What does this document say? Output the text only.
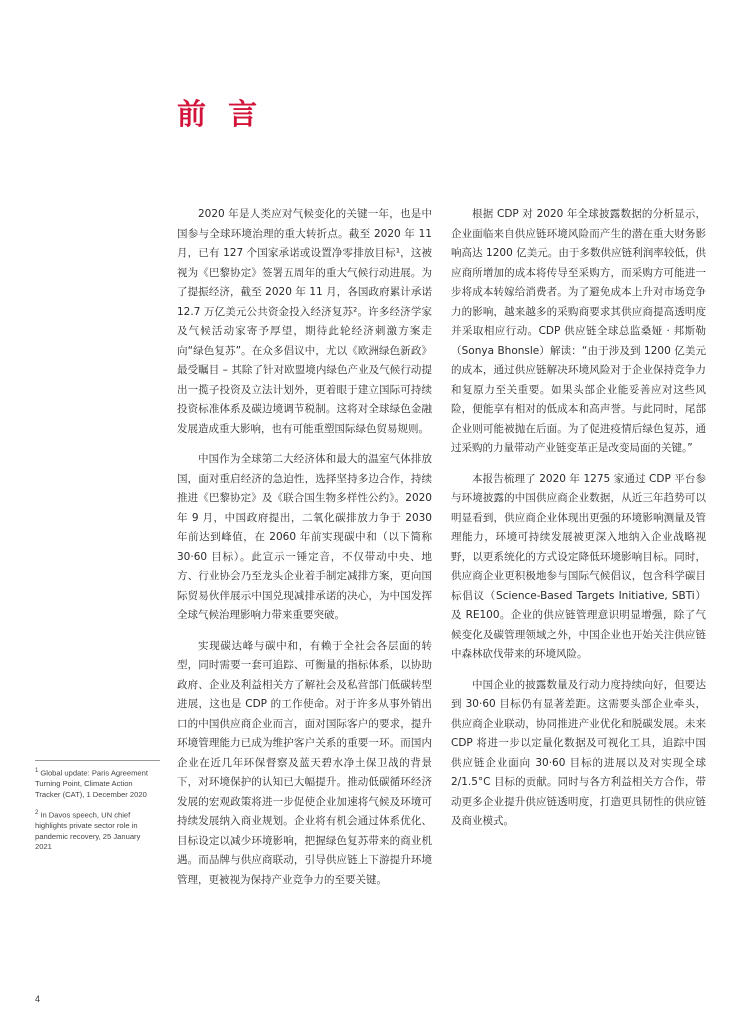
前 言

2020 年是人类应对气候变化的关键一年，也是中国参与全球环境治理的重大转折点。截至 2020 年 11 月，已有 127 个国家承诺或设置净零排放目标¹，这被视为《巴黎协定》签署五周年的重大气候行动进展。为了提振经济，截至 2020 年 11 月，各国政府累计承诺 12.7 万亿美元公共资金投入经济复苏²。许多经济学家及气候活动家寄予厚望，期待此轮经济刺激方案走向“绿色复苏”。在众多倡议中，尤以《欧洲绿色新政》最受瞩目 – 其除了针对欧盟境内绿色产业及气候行动提出一揽子投资及立法计划外，更着眼于建立国际可持续投资标准体系及碳边境调节税制。这将对全球绿色金融发展造成重大影响，也有可能重塑国际绿色贸易规则。

中国作为全球第二大经济体和最大的温室气体排放国，面对重启经济的急迫性，选择坚持多边合作，持续推进《巴黎协定》及《联合国生物多样性公约》。2020 年 9 月，中国政府提出，二氧化碳排放力争于 2030 年前达到峰值，在 2060 年前实现碳中和（以下简称 30·60 目标）。此宣示一锤定音，不仅带动中央、地方、行业协会乃至龙头企业着手制定减排方案，更向国际贸易伙伴展示中国兑现减排承诺的决心，为中国发挥全球气候治理影响力带来重要突破。

实现碳达峰与碳中和，有赖于全社会各层面的转型，同时需要一套可追踪、可衡量的指标体系，以协助政府、企业及利益相关方了解社会及私营部门低碳转型进展，这也是 CDP 的工作使命。对于许多从事外销出口的中国供应商企业而言，面对国际客户的要求，提升环境管理能力已成为维护客户关系的重要一环。而国内企业在近几年环保督察及蓝天碧水净土保卫战的背景下，对环境保护的认知已大幅提升。推动低碳循环经济发展的宏观政策将进一步促使企业加速将气候及环境可持续发展纳入商业规划。企业将有机会通过体系优化、目标设定以减少环境影响，把握绿色复苏带来的商业机遇。而品牌与供应商联动，引导供应链上下游提升环境管理，更被视为保持产业竞争力的至要关键。

根据 CDP 对 2020 年全球披露数据的分析显示，企业面临来自供应链环境风险而产生的潜在重大财务影响高达 1200 亿美元。由于多数供应链利润率较低，供应商所增加的成本将传导至采购方，而采购方可能进一步将成本转嫁给消费者。为了避免成本上升对市场竞争力的影响，越来越多的采购商要求其供应商提高透明度并采取相应行动。CDP 供应链全球总监桑娅 · 邦斯勒（Sonya Bhonsle）解读：“由于涉及到 1200 亿美元的成本，通过供应链解决环境风险对于企业保持竞争力和复原力至关重要。如果头部企业能妥善应对这些风险，便能享有相对的低成本和高声誉。与此同时，尾部企业则可能被抛在后面。为了促进疫情后绿色复苏，通过采购的力量带动产业链变革正是改变局面的关键。”

本报告梳理了 2020 年 1275 家通过 CDP 平台参与环境披露的中国供应商企业数据，从近三年趋势可以明显看到，供应商企业体现出更强的环境影响测量及管理能力，环境可持续发展被更深入地纳入企业战略视野，以更系统化的方式设定降低环境影响目标。同时，供应商企业更积极地参与国际气候倡议，包含科学碳目标倡议（Science-Based Targets Initiative, SBTi）及 RE100。企业的供应链管理意识明显增强，除了气候变化及碳管理领域之外，中国企业也开始关注供应链中森林砍伐带来的环境风险。

中国企业的披露数量及行动力度持续向好，但要达到 30·60 目标仍有显著差距。这需要头部企业牵头，供应商企业联动，协同推进产业优化和脱碳发展。未来 CDP 将进一步以定量化数据及可视化工具，追踪中国供应链企业面向 30·60 目标的进展以及对实现全球 2/1.5°C 目标的贡献。同时与各方利益相关方合作，带动更多企业提升供应链透明度，打造更具韧性的供应链及商业模式。

$^1$ Global update: Paris Agreement Turning Point, Climate Action Tracker (CAT), 1 December 2020

$^2$ In Davos speech, UN chief highlights private sector role in pandemic recovery, 25 January 2021

4
